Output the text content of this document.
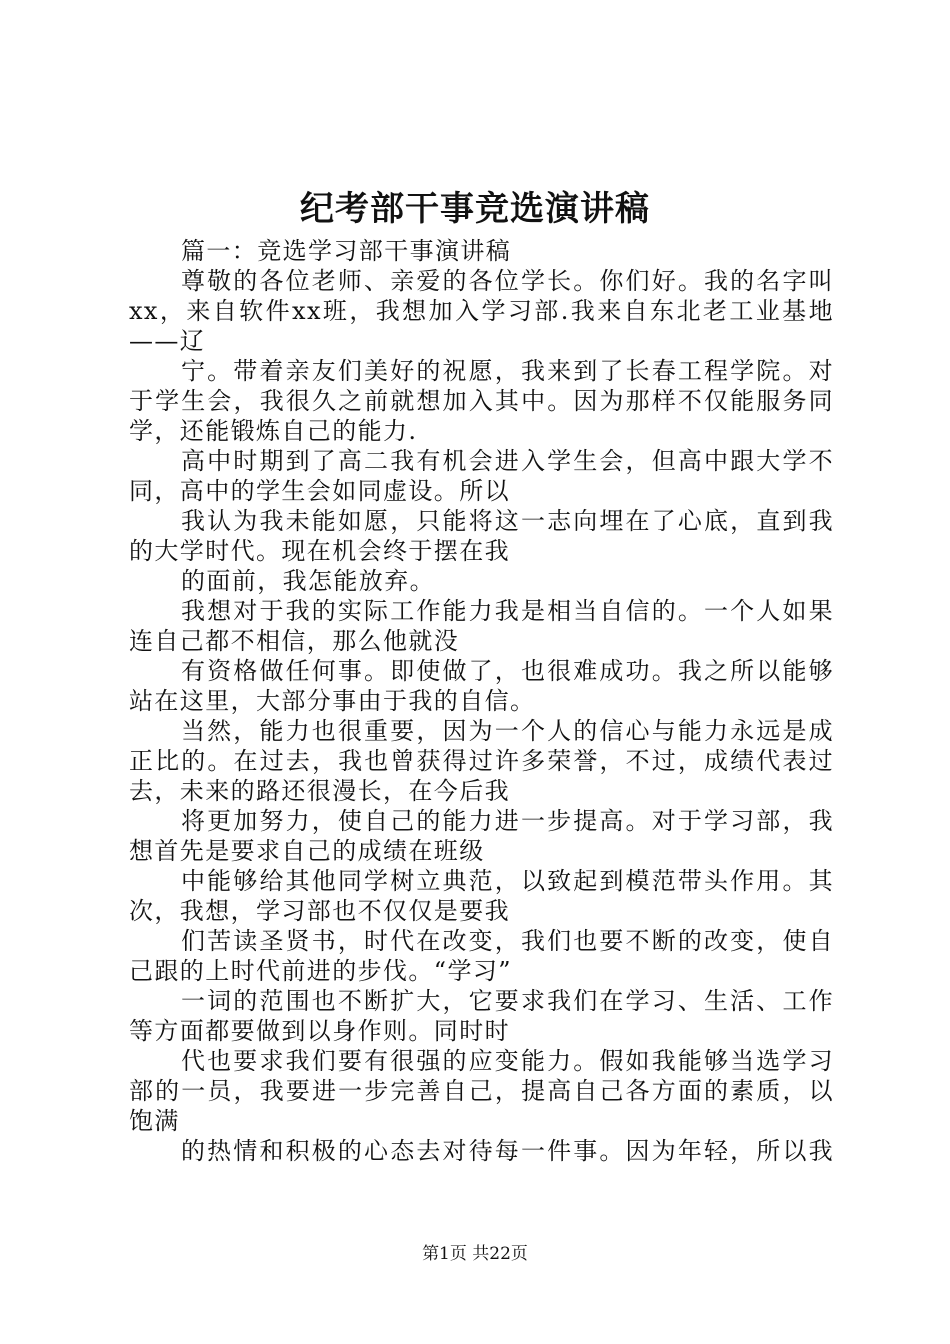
纪考部干事竞选演讲稿
篇一：竞选学习部干事演讲稿
尊敬的各位老师、亲爱的各位学长。你们好。我的名字叫
xx，来自软件xx班，我想加入学习部.我来自东北老工业基地
——辽
宁。带着亲友们美好的祝愿，我来到了长春工程学院。对
于学生会，我很久之前就想加入其中。因为那样不仅能服务同
学，还能锻炼自己的能力.
高中时期到了高二我有机会进入学生会，但高中跟大学不
同，高中的学生会如同虚设。所以
我认为我未能如愿，只能将这一志向埋在了心底，直到我
的大学时代。现在机会终于摆在我
的面前，我怎能放弃。
我想对于我的实际工作能力我是相当自信的。一个人如果
连自己都不相信，那么他就没
有资格做任何事。即使做了，也很难成功。我之所以能够
站在这里，大部分事由于我的自信。
当然，能力也很重要，因为一个人的信心与能力永远是成
正比的。在过去，我也曾获得过许多荣誉，不过，成绩代表过
去，未来的路还很漫长，在今后我
将更加努力，使自己的能力进一步提高。对于学习部，我
想首先是要求自己的成绩在班级
中能够给其他同学树立典范，以致起到模范带头作用。其
次，我想，学习部也不仅仅是要我
们苦读圣贤书，时代在改变，我们也要不断的改变，使自
己跟的上时代前进的步伐。“学习”
一词的范围也不断扩大，它要求我们在学习、生活、工作
等方面都要做到以身作则。同时时
代也要求我们要有很强的应变能力。假如我能够当选学习
部的一员，我要进一步完善自己，提高自己各方面的素质，以
饱满
的热情和积极的心态去对待每一件事。因为年轻，所以我
第1页 共22页
